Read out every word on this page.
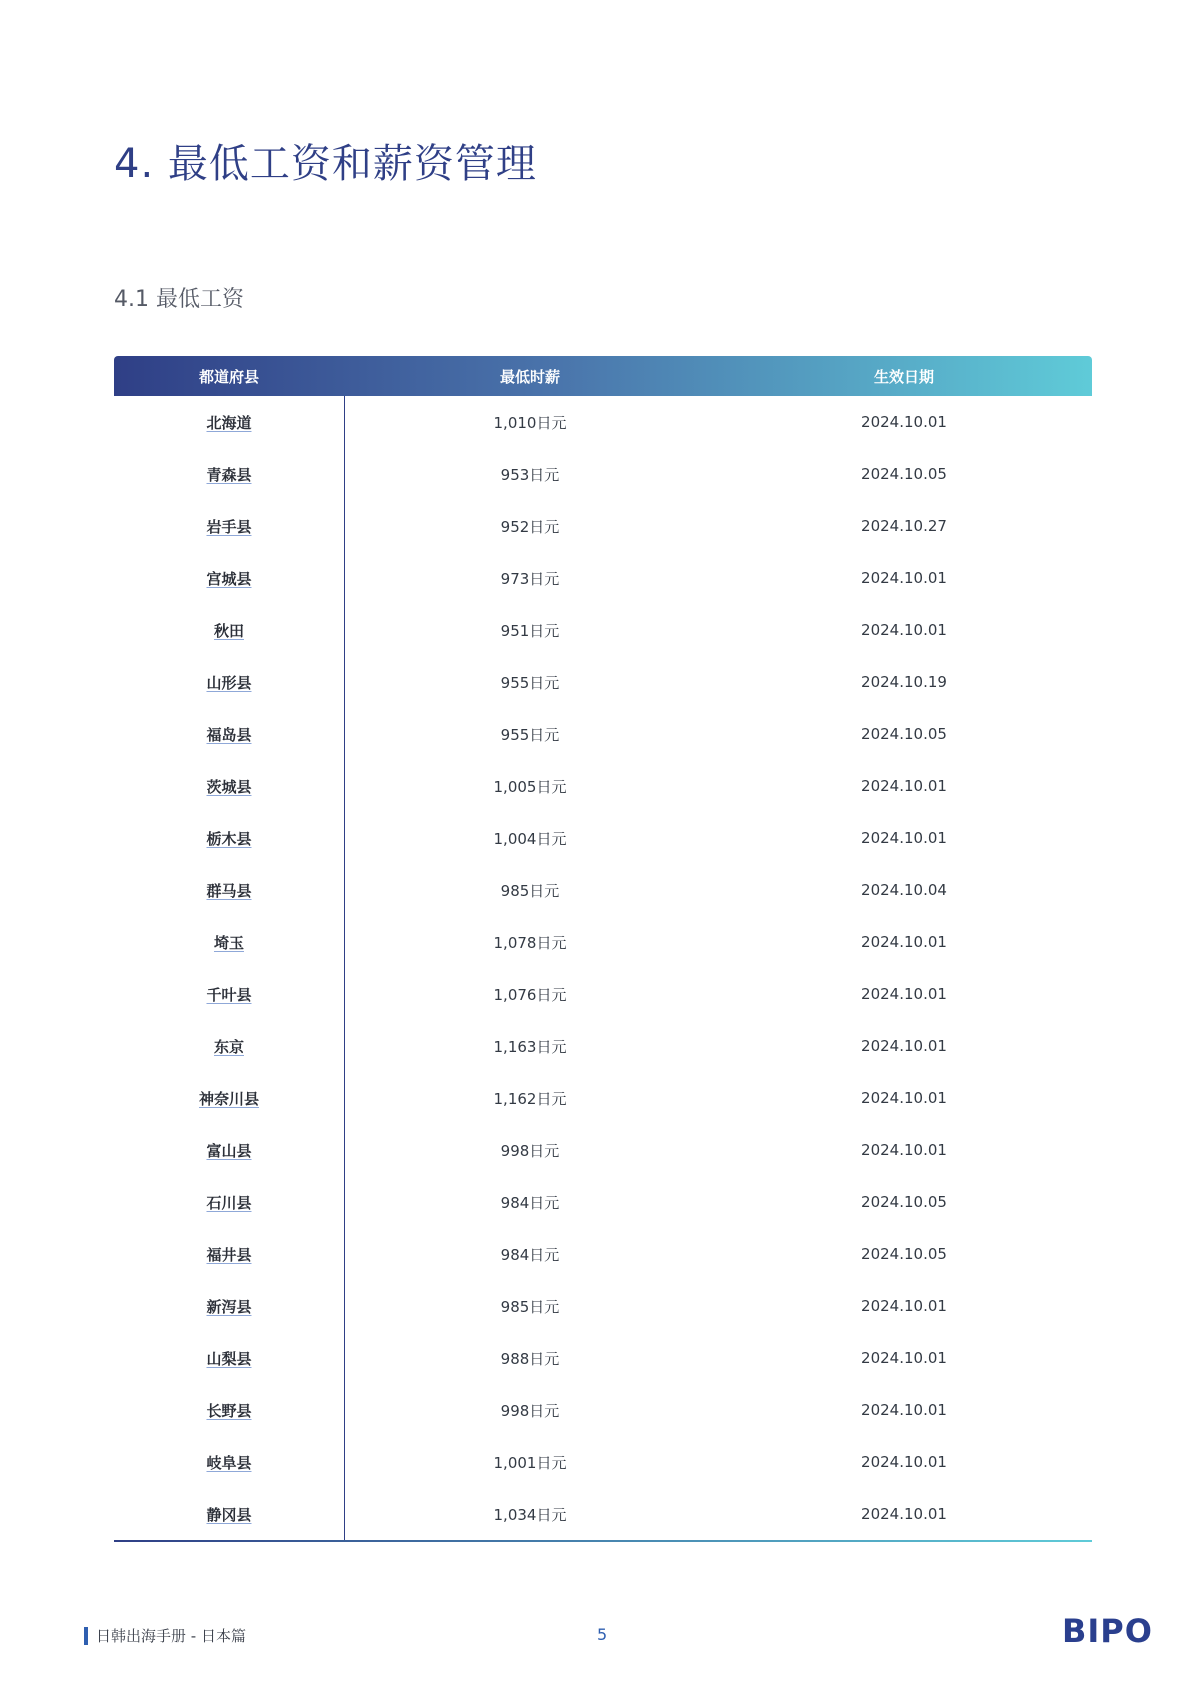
4. 最低工资和薪资管理
4.1 最低工资
都道府县	最低时薪	生效日期
北海道	1,010日元	2024.10.01
青森县	953日元	2024.10.05
岩手县	952日元	2024.10.27
宫城县	973日元	2024.10.01
秋田	951日元	2024.10.01
山形县	955日元	2024.10.19
福岛县	955日元	2024.10.05
茨城县	1,005日元	2024.10.01
栃木县	1,004日元	2024.10.01
群马县	985日元	2024.10.04
埼玉	1,078日元	2024.10.01
千叶县	1,076日元	2024.10.01
东京	1,163日元	2024.10.01
神奈川县	1,162日元	2024.10.01
富山县	998日元	2024.10.01
石川县	984日元	2024.10.05
福井县	984日元	2024.10.05
新泻县	985日元	2024.10.01
山梨县	988日元	2024.10.01
长野县	998日元	2024.10.01
岐阜县	1,001日元	2024.10.01
静冈县	1,034日元	2024.10.01
日韩出海手册 - 日本篇	5	BIPO
